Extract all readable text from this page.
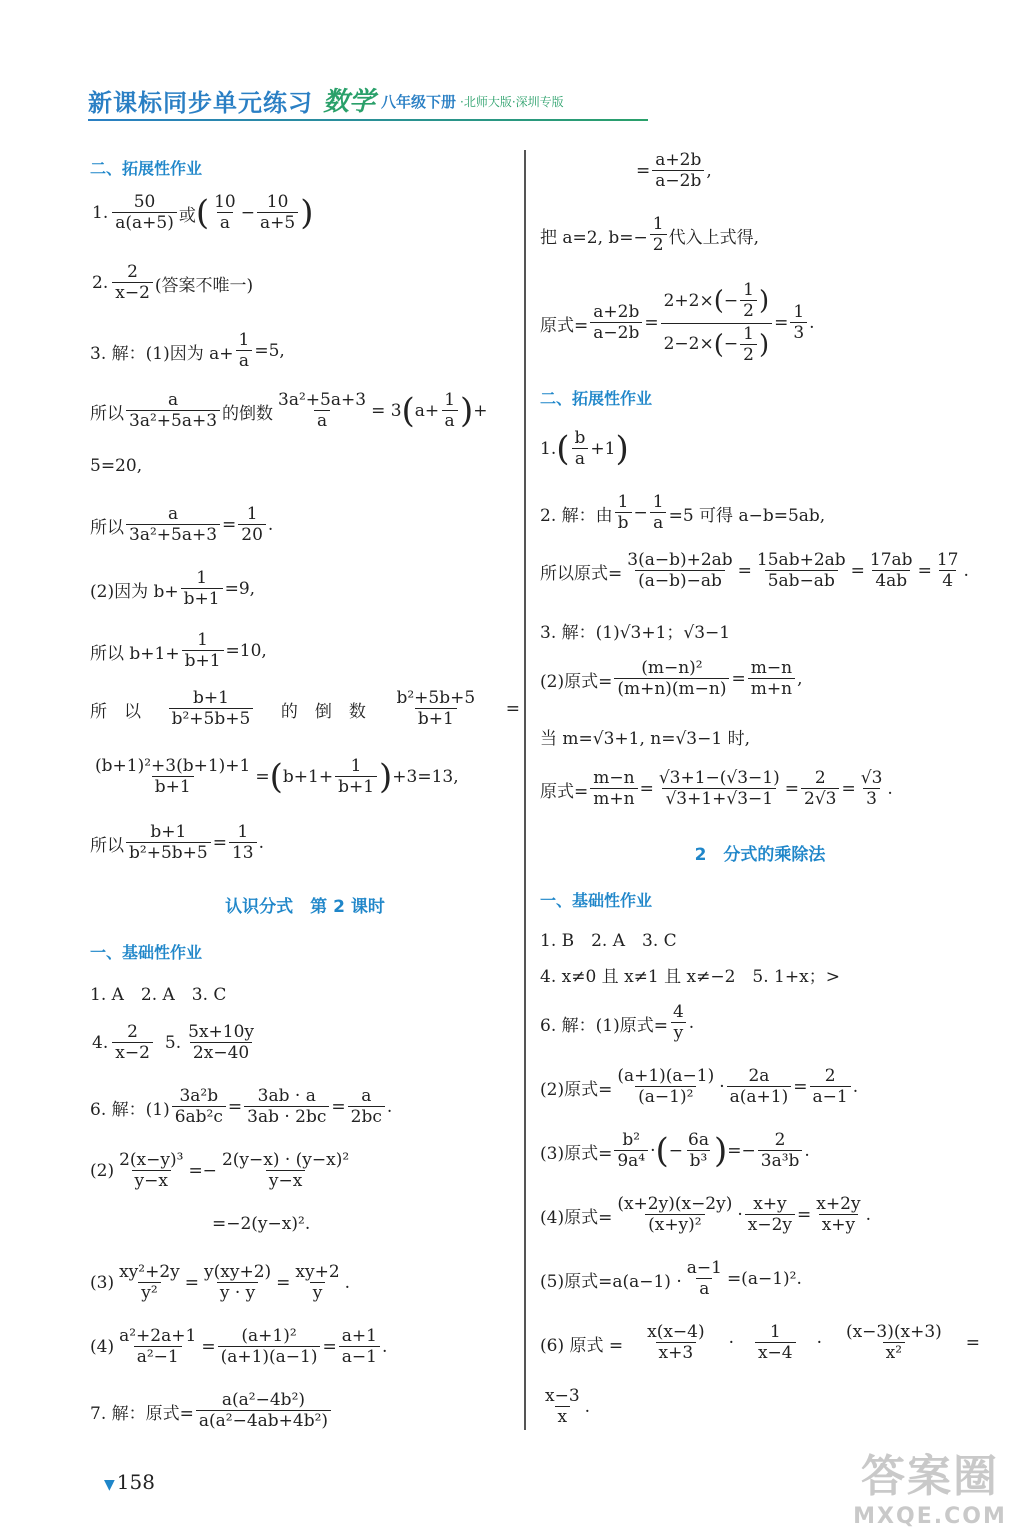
新课标同步单元练习 数学 八年级下册 ·北师大版·深圳专版
二、拓展性作业
1. $\frac{50}{a(a+5)}$ 或 ( $\frac{10}{a} - \frac{10}{a+5}$ )
2. $\frac{2}{x-2}$ (答案不唯一)
3. 解：(1)因为 $a+ \frac{1}{a} =5$,
所以 $\frac{a}{\text{3a²+5a+3}}$ 的倒数 $\frac{\text{3a²+5a+3}}{a} = 3$ ( $a+ \frac{1}{a}$ ) +
5=20,
所以 $\frac{a}{\text{3a²+5a+3}} = \frac{1}{20}$ .
(2)因为 $b+ \frac{1}{b+1} =9$,
所以 $b+1+ \frac{1}{b+1} =10$,
所　以 $\frac{b+1}{\text{b²+5b+5}}$ 的　倒　数 $\frac{\text{b²+5b+5}}{b+1}$ =
$\frac{\text{(b+1)²+3(b+1)+1}}{b+1}$ = ( $b+1+ \frac{1}{b+1}$ ) +3=13,
所以 $\frac{b+1}{\text{b²+5b+5}} = \frac{1}{13}$ .
认识分式　第 2 课时
一、基础性作业
1. A　2. A　3. C
4. $\frac{2}{x-2} 5$. $\frac{5x+10y}{2x-40}$
6. 解：$(1) \frac{\text{3a²b}}{\text{6ab²c}} = \frac{3ab \cdot a}{3ab \cdot 2bc} = \frac{a}{2bc}$ .
$(2) \frac{\text{2(x−y)³}}{y-x} =- \frac{\text{2(y−x) · (y−x)²}}{y-x}$
=−2(y−x)².
$(3) \frac{\text{xy²+2y}}{\text{y²}} = \frac{y(xy+2)}{y \cdot y} = \frac{xy+2}{y}$ .
$(4) \frac{\text{a²+2a+1}}{\text{a²−1}} = \frac{\text{(a+1)²}}{(a+1)(a-1)} = \frac{a+1}{a-1}$ .
7. 解：原式= $\frac{\text{a(a²−4b²)}}{\text{a(a²−4ab+4b²)}}$
= $\frac{a+2b}{a-2b}$ ,
把 a=2, $b=- \frac{1}{2}$ 代入上式得,
原式= $\frac{a+2b}{a-2b} = \frac{2+2\times ( - \frac{1}{2} )}{2-2\times ( - \frac{1}{2} )} = \frac{1}{3}$ .
二、拓展性作业
1. ( $\frac{b}{a} +1$ )
2. 解：由 $\frac{1}{b} - \frac{1}{a} =5$ 可得 a−b=5ab,
所以原式= $\frac{3(a-b)+2ab}{(a-b)-ab} = \frac{15ab+2ab}{5ab-ab} = \frac{17ab}{4ab} = \frac{17}{4}$ .
3. 解：(1)√3+1；√3−1
(2)原式= $\frac{\text{(m−n)²}}{(m+n)(m-n)} = \frac{m-n}{m+n}$ ,
当 m=√3+1, n=√3−1 时,
原式= $\frac{m-n}{m+n} = \frac{√3+1-(√3-1)}{√3+1+√3-1} = \frac{2}{2√3} = \frac{√3}{3}$ .
2　分式的乘除法
一、基础性作业
1. B　2. A　3. C
4. x≠0 且 x≠1 且 x≠−2　5. 1+x；>
6. 解：(1)原式= $\frac{4}{y}$ .
(2)原式= $\frac{(a+1)(a-1)}{\text{(a−1)²}} \cdot \frac{2a}{a(a+1)} = \frac{2}{a-1}$ .
(3)原式= $\frac{\text{b²}}{\text{9a⁴}}$ · ( − $\frac{6a}{\text{b³}}$ ) =− $\frac{2}{\text{3a³b}}$ .
(4)原式= $\frac{(x+2y)(x-2y)}{\text{(x+y)²}} \cdot \frac{x+y}{x-2y} = \frac{x+2y}{x+y}$ .
(5)原式$=a(a-1) \cdot \frac{a-1}{a} =(a-1)^2$.
(6) 原式 = $\frac{x(x-4)}{x+3} \cdot \frac{1}{x-4} \cdot \frac{(x-3)(x+3)}{\text{x²}}$ =
$\frac{x-3}{x}$ .
▼ 158	答案圈
MXQE.COM
